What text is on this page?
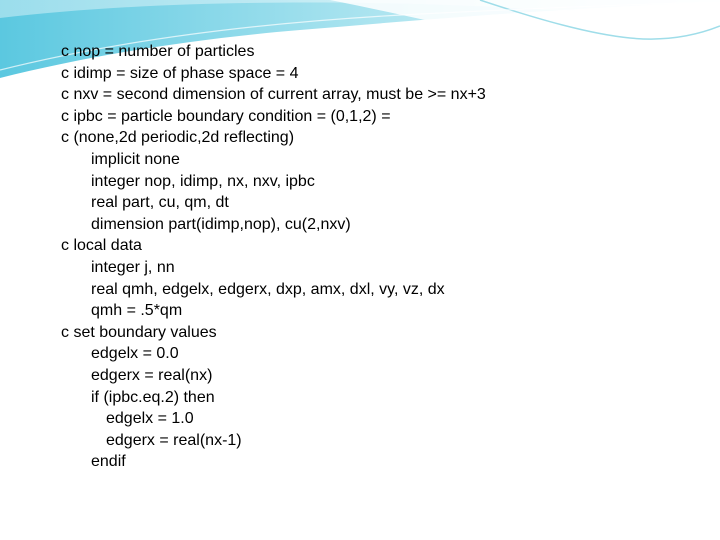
c nop = number of particles
c idimp = size of phase space = 4
c nxv = second dimension of current array, must be >= nx+3
c ipbc = particle boundary condition = (0,1,2) =
c (none,2d periodic,2d reflecting)
implicit none
integer nop, idimp, nx, nxv, ipbc
real part, cu, qm, dt
dimension part(idimp,nop), cu(2,nxv)
c local data
integer j, nn
real qmh, edgelx, edgerx, dxp, amx, dxl, vy, vz, dx
qmh = .5*qm
c set boundary values
edgelx = 0.0
edgerx = real(nx)
if (ipbc.eq.2) then
edgelx = 1.0
edgerx = real(nx-1)
endif
